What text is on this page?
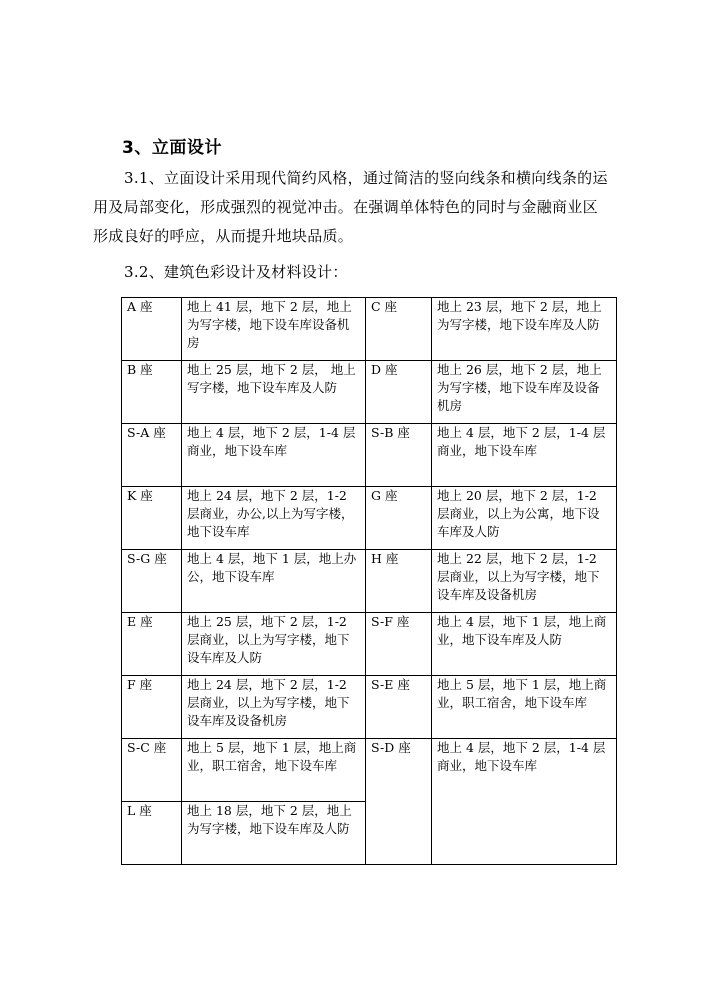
3、立面设计

3.1、立面设计采用现代简约风格，通过简洁的竖向线条和横向线条的运用及局部变化，形成强烈的视觉冲击。在强调单体特色的同时与金融商业区形成良好的呼应，从而提升地块品质。

3.2、建筑色彩设计及材料设计：

A 座	地上 41 层，地下 2 层，地上为写字楼，地下设车库设备机房	C 座	地上 23 层，地下 2 层，地上为写字楼，地下设车库及人防
B 座	地上 25 层，地下 2 层， 地上写字楼，地下设车库及人防	D 座	地上 26 层，地下 2 层，地上为写字楼，地下设车库及设备机房
S-A 座	地上 4 层，地下 2 层，1-4 层商业，地下设车库	S-B 座	地上 4 层，地下 2 层，1-4 层商业，地下设车库
K 座	地上 24 层，地下 2 层，1-2 层商业，办公,以上为写字楼，地下设车库	G 座	地上 20 层，地下 2 层，1-2 层商业，以上为公寓，地下设车库及人防
S-G 座	地上 4 层，地下 1 层，地上办公，地下设车库	H 座	地上 22 层，地下 2 层，1-2 层商业，以上为写字楼，地下设车库及设备机房
E 座	地上 25 层，地下 2 层，1-2 层商业，以上为写字楼，地下设车库及人防	S-F 座	地上 4 层，地下 1 层，地上商业，地下设车库及人防
F 座	地上 24 层，地下 2 层，1-2 层商业，以上为写字楼，地下设车库及设备机房	S-E 座	地上 5 层，地下 1 层，地上商业，职工宿舍，地下设车库
S-C 座	地上 5 层，地下 1 层，地上商业，职工宿舍，地下设车库	S-D 座	地上 4 层，地下 2 层，1-4 层商业，地下设车库
L 座	地上 18 层，地下 2 层，地上为写字楼，地下设车库及人防		
